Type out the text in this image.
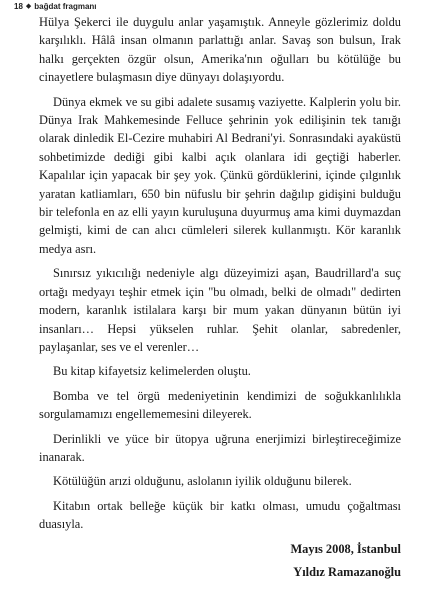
18 ◆ bağdat fragmanı

Hülya Şekerci ile duygulu anlar yaşamıştık. Anneyle gözlerimiz doldu karşılıklı. Hâlâ insan olmanın parlattığı anlar. Savaş son bulsun, Irak halkı gerçekten özgür olsun, Amerika'nın oğulları bu kötülüğe bu cinayetlere bulaşmasın diye dünyayı dolaşıyordu.

Dünya ekmek ve su gibi adalete susamış vaziyette. Kalplerin yolu bir. Dünya Irak Mahkemesinde Felluce şehrinin yok edilişinin tek tanığı olarak dinledik El-Cezire muhabiri Al Bedrani'yi. Sonrasındaki ayaküstü sohbetimizde dediği gibi kalbi açık olanlara idi geçtiği haberler. Kapalılar için yapacak bir şey yok. Çünkü gördüklerini, içinde çılgınlık yaratan katliamları, 650 bin nüfuslu bir şehrin dağılıp gidişini bulduğu bir telefonla en az elli yayın kuruluşuna duyurmuş ama kimi duymazdan gelmişti, kimi de can alıcı cümleleri silerek kullanmıştı. Kör karanlık medya asrı.

Sınırsız yıkıcılığı nedeniyle algı düzeyimizi aşan, Baudrillard'a suç ortağı medyayı teşhir etmek için "bu olmadı, belki de olmadı" dedirten modern, karanlık istilalara karşı bir mum yakan dünyanın bütün iyi insanları… Hepsi yükselen ruhlar. Şehit olanlar, sabredenler, paylaşanlar, ses ve el verenler…

Bu kitap kifayetsiz kelimelerden oluştu.

Bomba ve tel örgü medeniyetinin kendimizi de soğukkanlılıkla sorgulamamızı engellememesini dileyerek.

Derinlikli ve yüce bir ütopya uğruna enerjimizi birleştireceğimize inanarak.

Kötülüğün arızi olduğunu, aslolanın iyilik olduğunu bilerek.

Kitabın ortak belleğe küçük bir katkı olması, umudu çoğaltması duasıyla.

Mayıs 2008, İstanbul

Yıldız Ramazanoğlu
